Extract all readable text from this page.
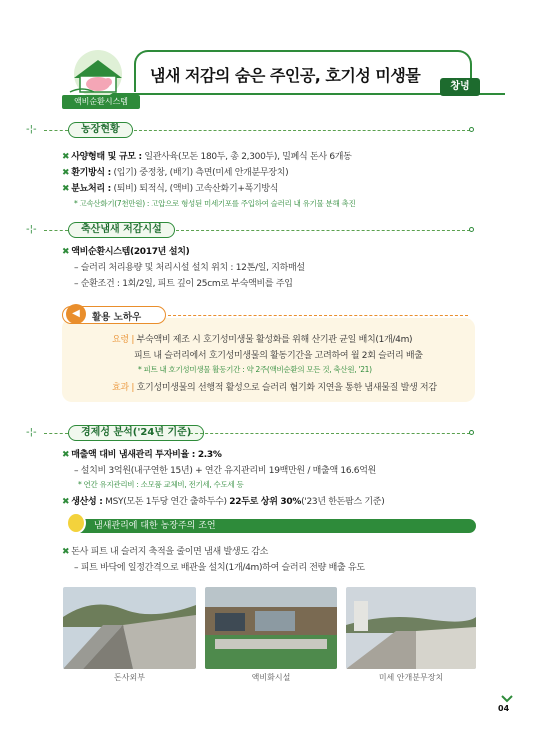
액비순환시스템
냄새 저감의 숨은 주인공, 호기성 미생물
창녕
-¦-	농장현황
✖ 사양형태 및 규모 : 일관사육(모돈 180두, 총 2,300두), 밀폐식 돈사 6개동
✖ 환기방식 : (입기) 중정창, (배기) 측면(미세 안개분무장치)
✖ 분뇨처리 : (퇴비) 퇴적식, (액비) 고속산화기+폭기방식
* 고속산화기(7천만원) : 고압으로 형성된 미세기포를 주입하여 슬러리 내 유기물 분해 촉진
-¦-	축산냄새 저감시설
✖ 액비순환시스템(2017년 설치)
– 슬러리 처리용량 및 처리시설 설치 위치 : 12톤/일, 지하매설
– 순환조건 : 1회/2일, 피트 깊이 25cm로 부숙액비를 주입
◀	활용 노하우
요령 | 부숙액비 제조 시 호기성미생물 활성화를 위해 산기관 균일 배치(1개/4m)
피트 내 슬러리에서 호기성미생물의 활동기간을 고려하여 월 2회 슬러리 배출
* 피트 내 호기성미생물 활동기간 : 약 2주(액비순환의 모든 것, 축산원, '21)
효과 | 호기성미생물의 선행적 활성으로 슬러리 혐기화 지연을 통한 냄새물질 발생 저감
-¦-	경제성 분석('24년 기준)
✖ 매출액 대비 냄새관리 투자비율 : 2.3%
– 설치비 3억원(내구연한 15년) + 연간 유지관리비 19백만원 / 매출액 16.6억원
* 연간 유지관리비 : 소모품 교체비, 전기세, 수도세 등
✖ 생산성 : MSY(모돈 1두당 연간 출하두수) 22두로 상위 30%('23년 한돈팜스 기준)
냄새관리에 대한 농장주의 조언
✖ 돈사 피트 내 슬러지 축적을 줄이면 냄새 발생도 감소
– 피트 바닥에 일정간격으로 배관을 설치(1개/4m)하여 슬러리 전량 배출 유도
돈사외부	액비화시설	미세 안개분무장치
04
